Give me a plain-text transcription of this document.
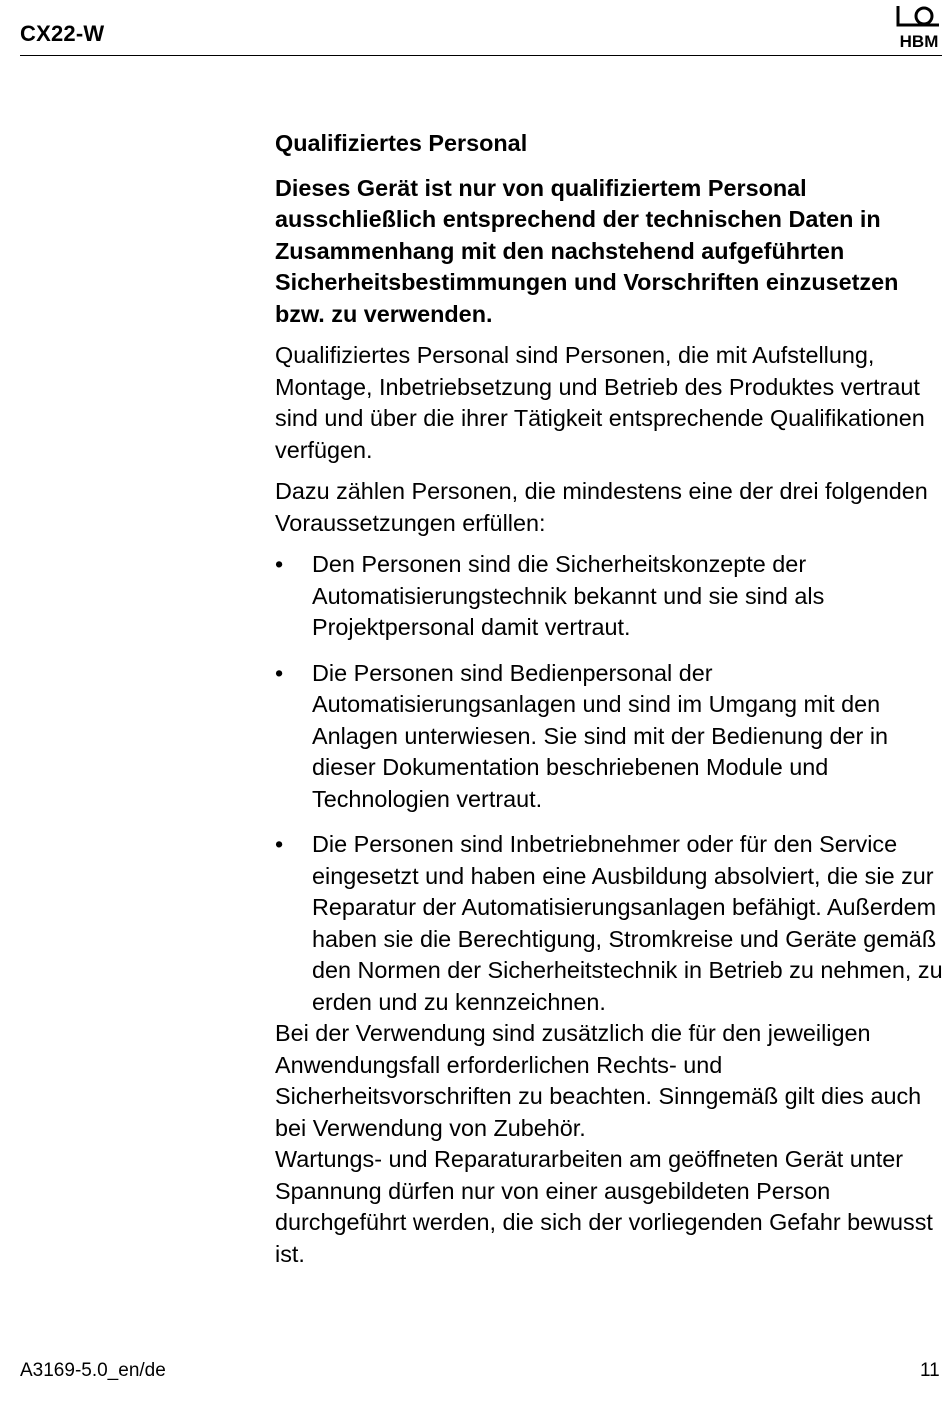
CX22-W	HBM
Qualifiziertes Personal
Dieses Gerät ist nur von qualifiziertem Personal ausschließlich entsprechend der technischen Daten in Zusammenhang mit den nachstehend aufgeführten Sicherheitsbestimmungen und Vorschriften einzusetzen bzw. zu verwenden.
Qualifiziertes Personal sind Personen, die mit Aufstellung, Montage, Inbetriebsetzung und Betrieb des Produktes vertraut sind und über die ihrer Tätigkeit entsprechende Qualifikationen verfügen.
Dazu zählen Personen, die mindestens eine der drei folgenden Voraussetzungen erfüllen:
• Den Personen sind die Sicherheitskonzepte der Automatisierungstechnik bekannt und sie sind als Projektpersonal damit vertraut.
• Die Personen sind Bedienpersonal der Automatisierungsanlagen und sind im Umgang mit den Anlagen unterwiesen. Sie sind mit der Bedienung der in dieser Dokumentation beschriebenen Module und Technologien vertraut.
• Die Personen sind Inbetriebnehmer oder für den Service eingesetzt und haben eine Ausbildung absolviert, die sie zur Reparatur der Automatisierungsanlagen befähigt. Außerdem haben sie die Berechtigung, Stromkreise und Geräte gemäß den Normen der Sicherheitstechnik in Betrieb zu nehmen, zu erden und zu kennzeichnen.
Bei der Verwendung sind zusätzlich die für den jeweiligen Anwendungsfall erforderlichen Rechts- und Sicherheitsvorschriften zu beachten. Sinngemäß gilt dies auch bei Verwendung von Zubehör.
Wartungs- und Reparaturarbeiten am geöffneten Gerät unter Spannung dürfen nur von einer ausgebildeten Person durchgeführt werden, die sich der vorliegenden Gefahr bewusst ist.
A3169-5.0_en/de	11
